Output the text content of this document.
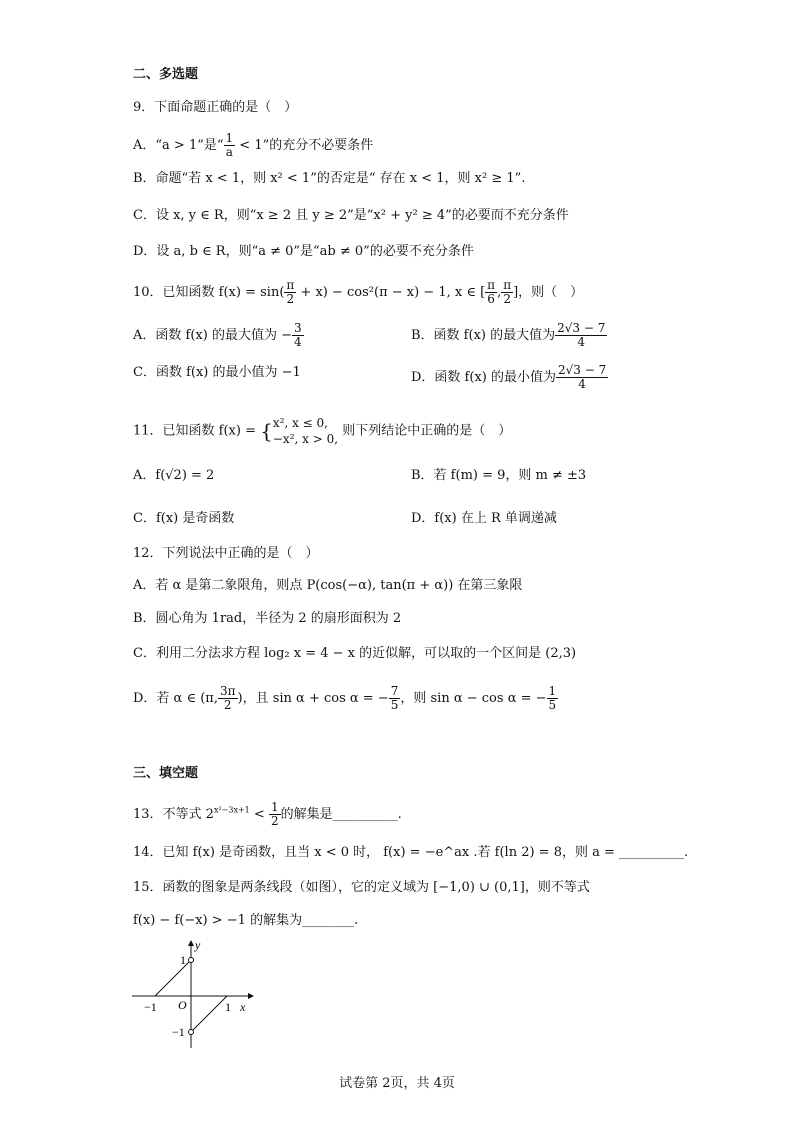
二、多选题
9．下面命题正确的是（　）
A．“a > 1”是“ $\frac{1}{a} < 1$”的充分不必要条件
B．命题“若 x < 1，则 x² < 1”的否定是“ 存在 x < 1，则 x² ≥ 1”.
C．设 x, y ∈ R，则“x ≥ 2 且 y ≥ 2”是“x² + y² ≥ 4”的必要而不充分条件
D．设 a, b ∈ R，则“a ≠ 0”是“ab ≠ 0”的必要不充分条件
10．已知函数 $f(x) = \sin( \frac{\pi}{2} + x) - \cos^2(\pi - x) - 1$, x ∈ [ $\frac{\pi}{6}$ , $\frac{\pi}{2}$ ]，则（　）
A．函数 f(x) 的最大值为 − $\frac{3}{4}$	B．函数 f(x) 的最大值为 $\frac{2√3 - 7}{4}$
C．函数 f(x) 的最小值为 −1	D．函数 f(x) 的最小值为 $\frac{2√3 - 7}{4}$
11．已知函数 f(x) = { x², x ≤ 0,
−x², x > 0,
则下列结论中正确的是（　）
A．f(√2) = 2	B．若 f(m) = 9，则 m ≠ ±3
C．f(x) 是奇函数	D．f(x) 在上 R 单调递减
12．下列说法中正确的是（　）
A．若 α 是第二象限角，则点 P(cos(−α), tan(π + α)) 在第三象限
B．圆心角为 1rad，半径为 2 的扇形面积为 2
C．利用二分法求方程 log₂ x = 4 − x 的近似解，可以取的一个区间是 (2,3)
D．若 α ∈ (π, $\frac{3\pi}{2}$ )，且 sin α + cos α = − $\frac{7}{5}$ ，则 sin α − cos α = − $\frac{1}{5}$
三、填空题
13．不等式 $2^{x^2-3x+1} < \frac{1}{2}$ 的解集是__________.
14．已知 f(x) 是奇函数，且当 x < 0 时， f(x) = −e^ax .若 f(ln 2) = 8，则 a = __________.
15．函数的图象是两条线段（如图），它的定义域为 [−1,0) ∪ (0,1]，则不等式
f(x) − f(−x) > −1 的解集为________.
y
x
O
1
−1
−1	1
试卷第 2页，共 4页
